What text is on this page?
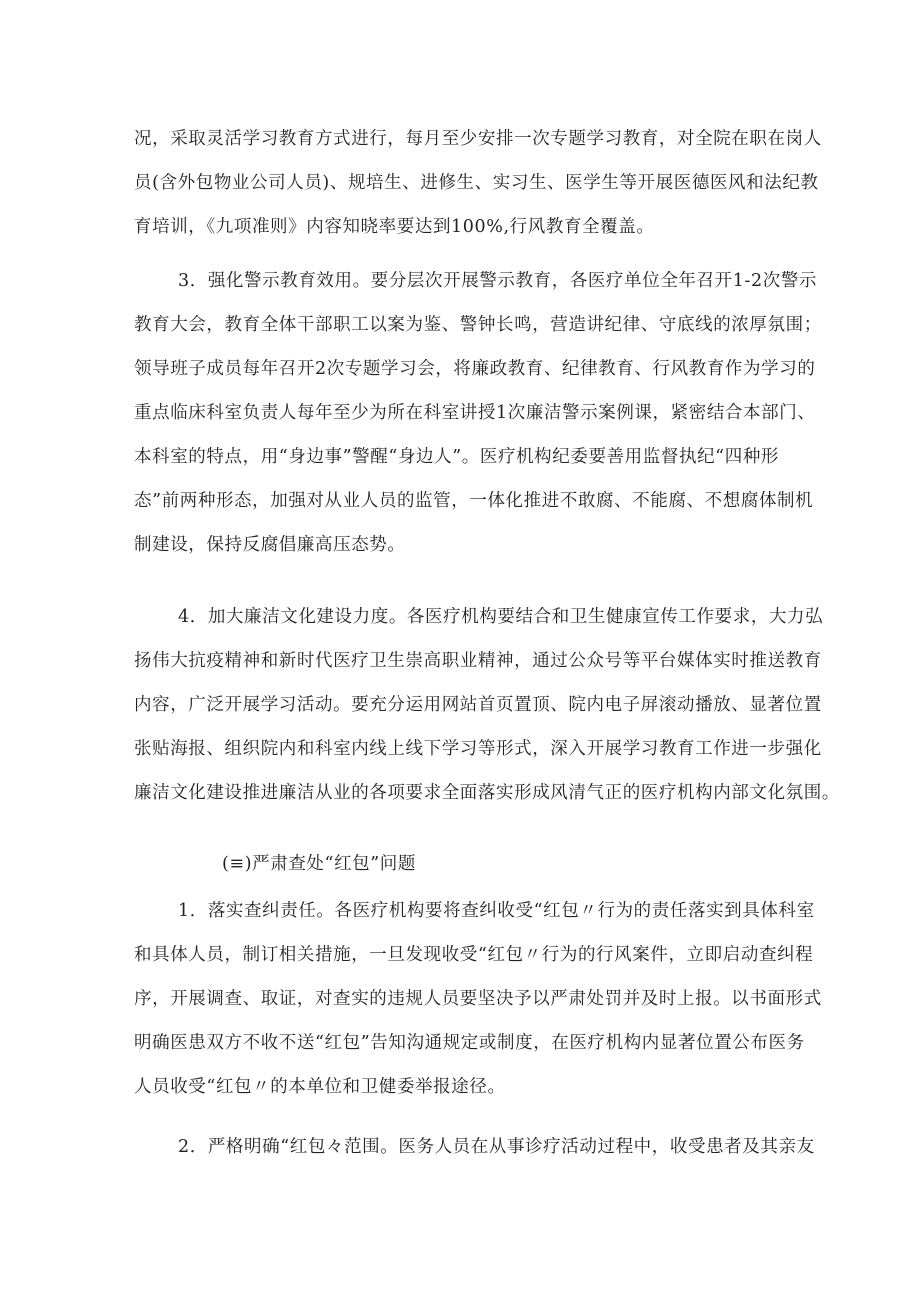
况，采取灵活学习教育方式进行，每月至少安排一次专题学习教育，对全院在职在岗人
员(含外包物业公司人员)、规培生、进修生、实习生、医学生等开展医德医风和法纪教
育培训，《九项准则》内容知晓率要达到100%,行风教育全覆盖。
3．强化警示教育效用。要分层次开展警示教育，各医疗单位全年召开1-2次警示
教育大会，教育全体干部职工以案为鉴、警钟长鸣，营造讲纪律、守底线的浓厚氛围；
领导班子成员每年召开2次专题学习会，将廉政教育、纪律教育、行风教育作为学习的
重点临床科室负责人每年至少为所在科室讲授1次廉洁警示案例课，紧密结合本部门、
本科室的特点，用“身边事”警醒“身边人”。医疗机构纪委要善用监督执纪“四种形
态”前两种形态，加强对从业人员的监管，一体化推进不敢腐、不能腐、不想腐体制机
制建设，保持反腐倡廉高压态势。
4．加大廉洁文化建设力度。各医疗机构要结合和卫生健康宣传工作要求，大力弘
扬伟大抗疫精神和新时代医疗卫生崇高职业精神，通过公众号等平台媒体实时推送教育
内容，广泛开展学习活动。要充分运用网站首页置顶、院内电子屏滚动播放、显著位置
张贴海报、组织院内和科室内线上线下学习等形式，深入开展学习教育工作进一步强化
廉洁文化建设推进廉洁从业的各项要求全面落实形成风清气正的医疗机构内部文化氛围。
(≡)严肃查处“红包”问题
1．落实查纠责任。各医疗机构要将查纠收受“红包〃行为的责任落实到具体科室
和具体人员，制订相关措施，一旦发现收受“红包〃行为的行风案件，立即启动查纠程
序，开展调查、取证，对查实的违规人员要坚决予以严肃处罚并及时上报。以书面形式
明确医患双方不收不送“红包”告知沟通规定或制度，在医疗机构内显著位置公布医务
人员收受“红包〃的本单位和卫健委举报途径。
2．严格明确“红包々范围。医务人员在从事诊疗活动过程中，收受患者及其亲友
